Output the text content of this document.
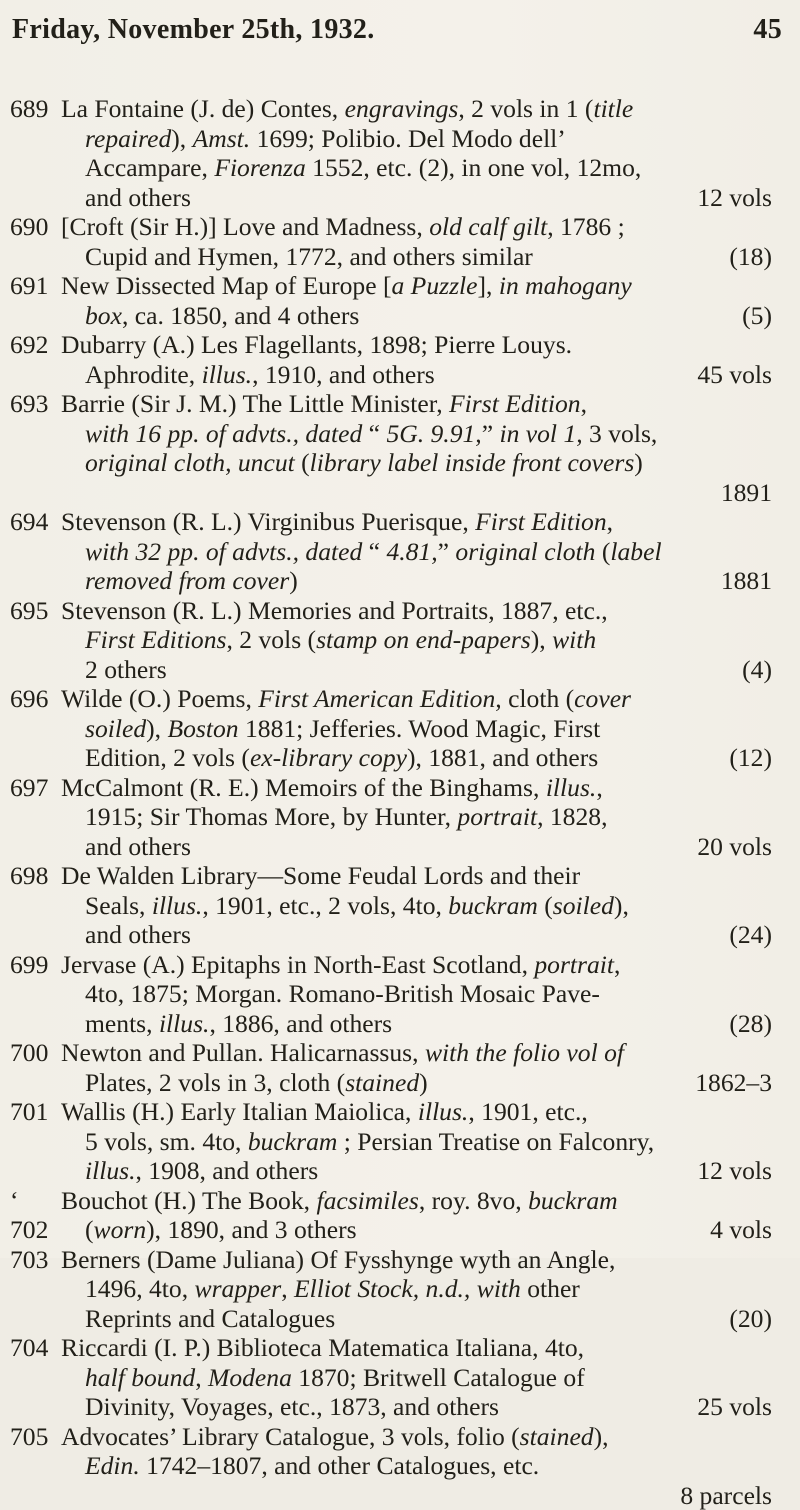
Friday, November 25th, 1932.	45
689 La Fontaine (J. de) Contes, engravings, 2 vols in 1 (title
repaired), Amst. 1699; Polibio. Del Modo dell’
Accampare, Fiorenza 1552, etc. (2), in one vol, 12mo,
and others	12 vols
690 [Croft (Sir H.)] Love and Madness, old calf gilt, 1786 ;
Cupid and Hymen, 1772, and others similar	(18)
691 New Dissected Map of Europe [a Puzzle], in mahogany
box, ca. 1850, and 4 others	(5)
692 Dubarry (A.) Les Flagellants, 1898; Pierre Louys.
Aphrodite, illus., 1910, and others	45 vols
693 Barrie (Sir J. M.) The Little Minister, First Edition,
with 16 pp. of advts., dated “ 5G. 9.91,” in vol 1, 3 vols,
original cloth, uncut (library label inside front covers)
1891
694 Stevenson (R. L.) Virginibus Puerisque, First Edition,
with 32 pp. of advts., dated “ 4.81,” original cloth (label
removed from cover)	1881
695 Stevenson (R. L.) Memories and Portraits, 1887, etc.,
First Editions, 2 vols (stamp on end-papers), with
2 others	(4)
696 Wilde (O.) Poems, First American Edition, cloth (cover
soiled), Boston 1881; Jefferies. Wood Magic, First
Edition, 2 vols (ex-library copy), 1881, and others	(12)
697 McCalmont (R. E.) Memoirs of the Binghams, illus.,
1915; Sir Thomas More, by Hunter, portrait, 1828,
and others	20 vols
698 De Walden Library—Some Feudal Lords and their
Seals, illus., 1901, etc., 2 vols, 4to, buckram (soiled),
and others	(24)
699 Jervase (A.) Epitaphs in North-East Scotland, portrait,
4to, 1875; Morgan. Romano-British Mosaic Pave-
ments, illus., 1886, and others	(28)
700 Newton and Pullan. Halicarnassus, with the folio vol of
Plates, 2 vols in 3, cloth (stained)	1862–3
701 Wallis (H.) Early Italian Maiolica, illus., 1901, etc.,
5 vols, sm. 4to, buckram ; Persian Treatise on Falconry,
illus., 1908, and others	12 vols
‘ 702
Bouchot (H.) The Book, facsimiles, roy. 8vo, buckram
(worn), 1890, and 3 others	4 vols
703 Berners (Dame Juliana) Of Fysshynge wyth an Angle,
1496, 4to, wrapper, Elliot Stock, n.d., with other
Reprints and Catalogues	(20)
704 Riccardi (I. P.) Biblioteca Matematica Italiana, 4to,
half bound, Modena 1870; Britwell Catalogue of
Divinity, Voyages, etc., 1873, and others	25 vols
705 Advocates’ Library Catalogue, 3 vols, folio (stained),
Edin. 1742–1807, and other Catalogues, etc.
8 parcels
